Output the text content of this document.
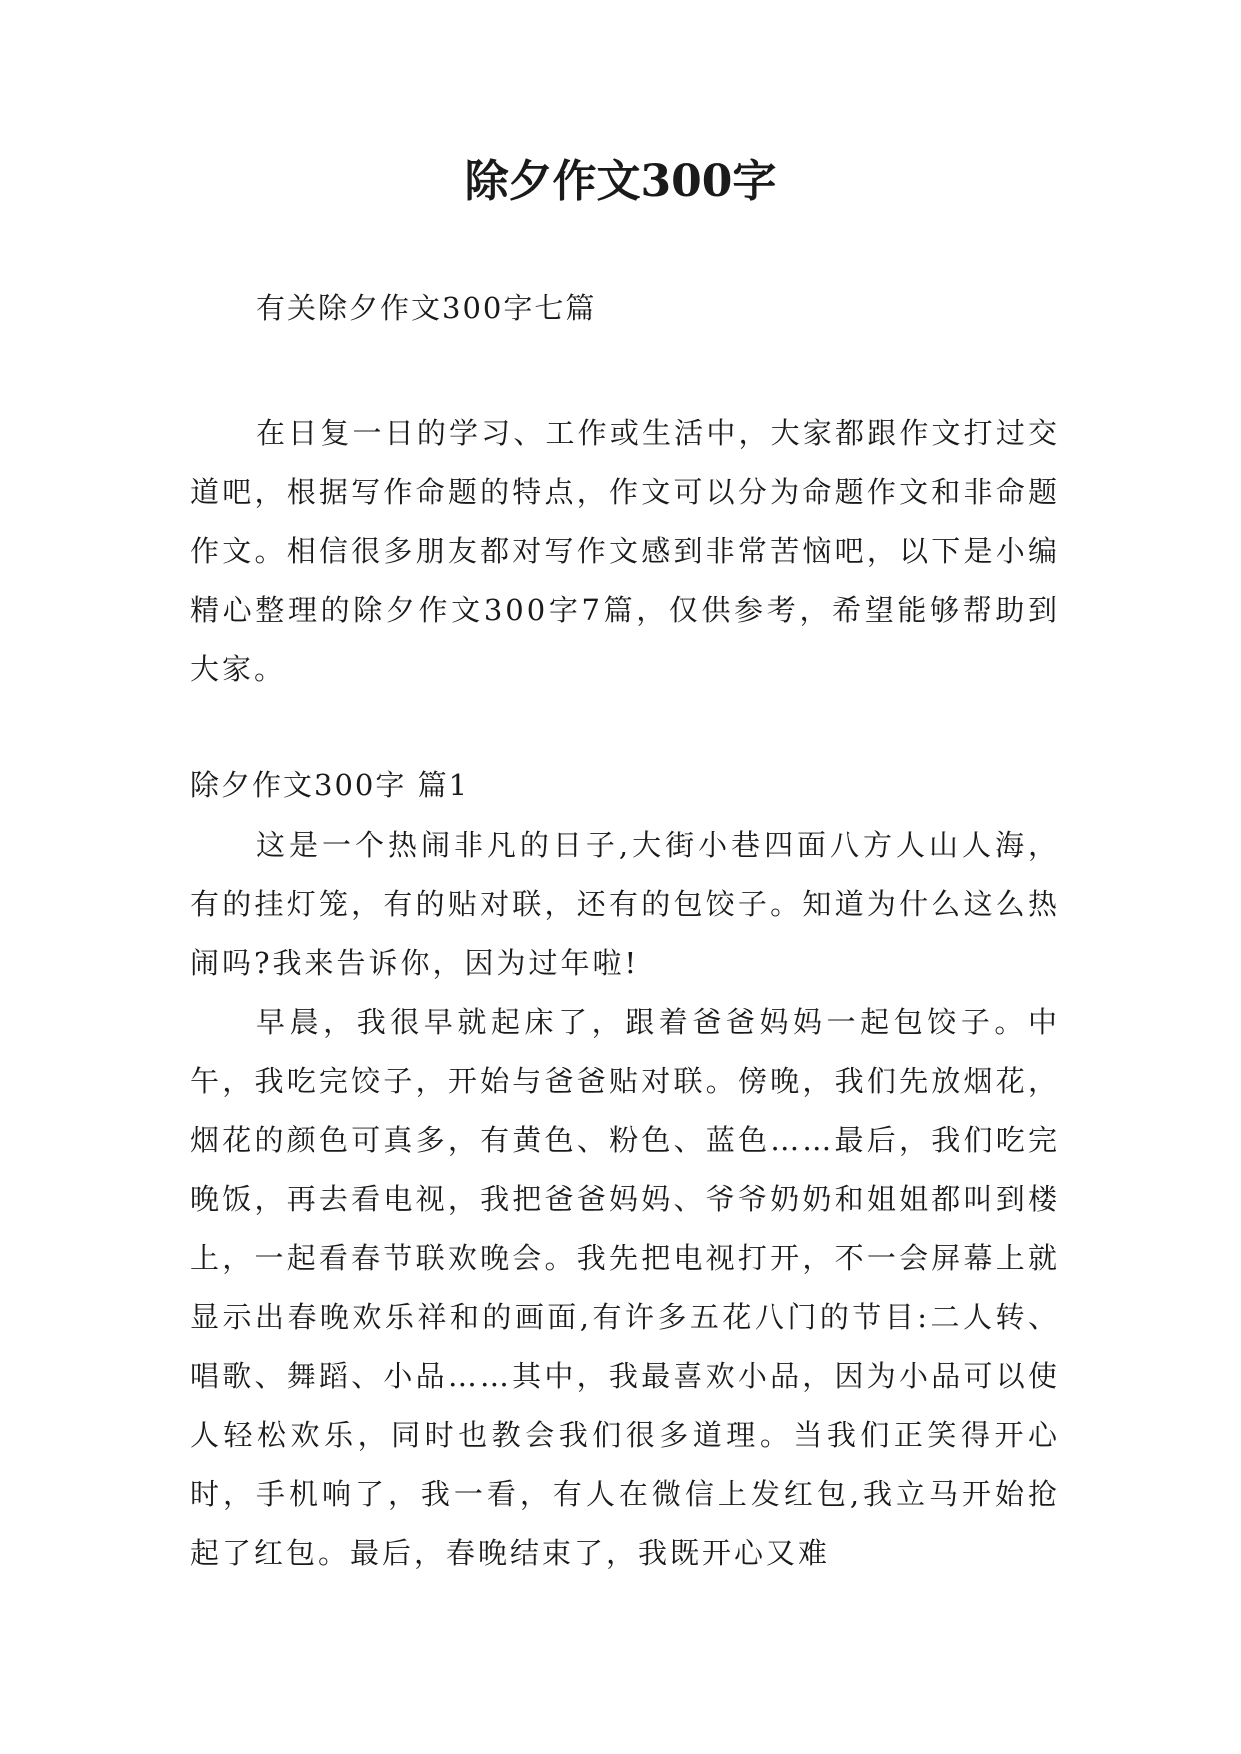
除夕作文300字

有关除夕作文300字七篇

在日复一日的学习、工作或生活中，大家都跟作文打过交道吧，根据写作命题的特点，作文可以分为命题作文和非命题作文。相信很多朋友都对写作文感到非常苦恼吧，以下是小编精心整理的除夕作文300字7篇，仅供参考，希望能够帮助到大家。

除夕作文300字 篇1

这是一个热闹非凡的日子,大街小巷四面八方人山人海，有的挂灯笼，有的贴对联，还有的包饺子。知道为什么这么热闹吗?我来告诉你，因为过年啦!

早晨，我很早就起床了，跟着爸爸妈妈一起包饺子。中午，我吃完饺子，开始与爸爸贴对联。傍晚，我们先放烟花，烟花的颜色可真多，有黄色、粉色、蓝色……最后，我们吃完晚饭，再去看电视，我把爸爸妈妈、爷爷奶奶和姐姐都叫到楼上，一起看春节联欢晚会。我先把电视打开，不一会屏幕上就显示出春晚欢乐祥和的画面,有许多五花八门的节目:二人转、唱歌、舞蹈、小品……其中，我最喜欢小品，因为小品可以使人轻松欢乐，同时也教会我们很多道理。当我们正笑得开心时，手机响了，我一看，有人在微信上发红包,我立马开始抢起了红包。最后，春晚结束了，我既开心又难
